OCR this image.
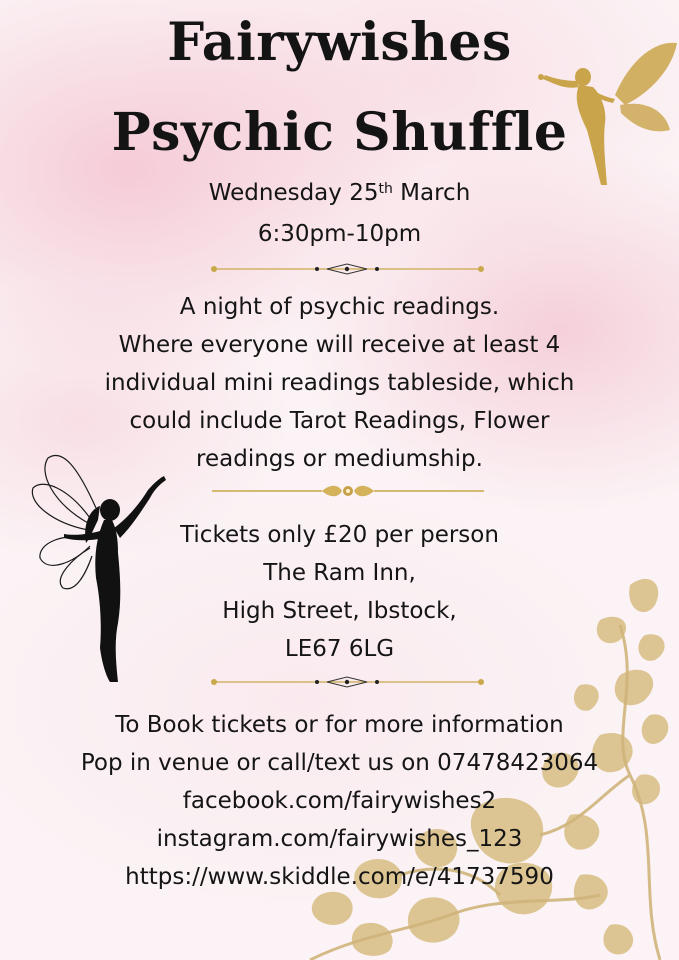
Fairywishes
Psychic Shuffle
Wednesday 25th March
6:30pm-10pm
A night of psychic readings.
Where everyone will receive at least 4
individual mini readings tableside, which
could include Tarot Readings, Flower
readings or mediumship.
Tickets only £20 per person
The Ram Inn,
High Street, Ibstock,
LE67 6LG
To Book tickets or for more information
Pop in venue or call/text us on 07478423064
facebook.com/fairywishes2
instagram.com/fairywishes_123
https://www.skiddle.com/e/41737590
